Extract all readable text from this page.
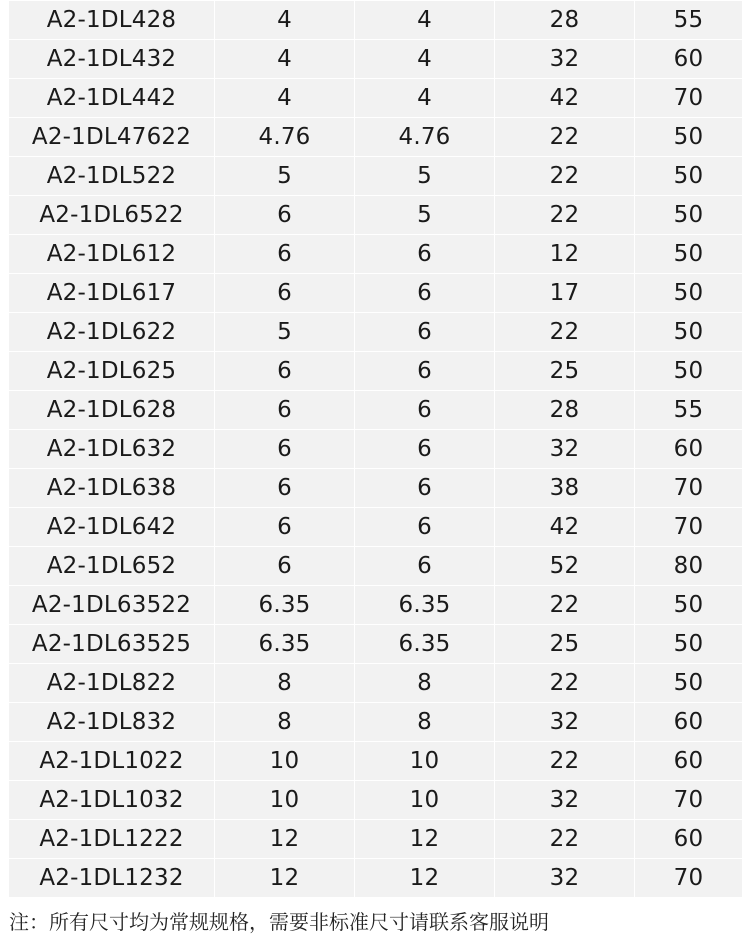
A2-1DL428	4	4	28	55
A2-1DL432	4	4	32	60
A2-1DL442	4	4	42	70
A2-1DL47622	4.76	4.76	22	50
A2-1DL522	5	5	22	50
A2-1DL6522	6	5	22	50
A2-1DL612	6	6	12	50
A2-1DL617	6	6	17	50
A2-1DL622	5	6	22	50
A2-1DL625	6	6	25	50
A2-1DL628	6	6	28	55
A2-1DL632	6	6	32	60
A2-1DL638	6	6	38	70
A2-1DL642	6	6	42	70
A2-1DL652	6	6	52	80
A2-1DL63522	6.35	6.35	22	50
A2-1DL63525	6.35	6.35	25	50
A2-1DL822	8	8	22	50
A2-1DL832	8	8	32	60
A2-1DL1022	10	10	22	60
A2-1DL1032	10	10	32	70
A2-1DL1222	12	12	22	60
A2-1DL1232	12	12	32	70
注：所有尺寸均为常规规格，需要非标准尺寸请联系客服说明
